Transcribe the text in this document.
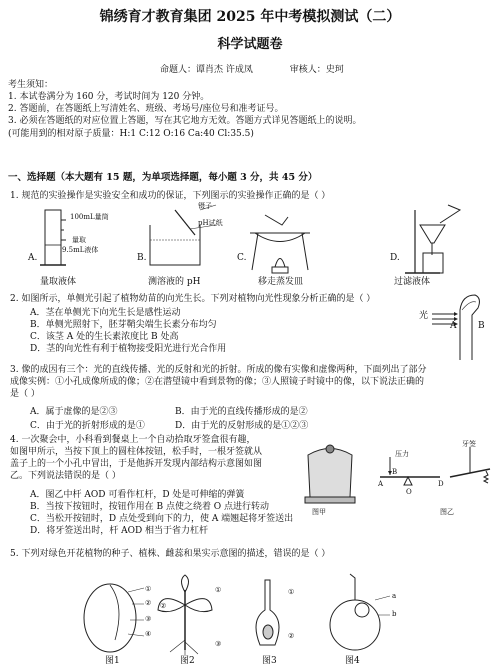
锦绣育才教育集团 2025 年中考模拟测试（二）
科学试题卷
命题人：谭肖杰 许成凤	审核人：史珂
考生须知：
1. 本试卷满分为 160 分，考试时间为 120 分钟。
2. 答题前，在答题纸上写清姓名、班级、考场号/座位号和准考证号。
3. 必须在答题纸的对应位置上答题，写在其它地方无效。答题方式详见答题纸上的说明。
(可能用到的相对原子质量：H:1 C:12 O:16 Ca:40 Cl:35.5)
一、选择题（本大题有 15 题，为单项选择题，每小题 3 分，共 45 分）
1. 规范的实验操作是实验安全和成功的保证，下列图示的实验操作正确的是（ ）
100mL量筒
量取
9.5mL液体
镊子
pH试纸
A.	B.	C.	D.
量取液体	测溶液的 pH	移走蒸发皿	过滤液体
2. 如图所示，单侧光引起了植物幼苗的向光生长。下列对植物向光性现象分析正确的是（ ）
A．茎在单侧光下向光生长是感性运动
B．单侧光照射下，胚芽鞘尖端生长素分布均匀
C．该茎 A 处的生长素浓度比 B 处高
D．茎的向光性有利于植物接受阳光进行光合作用
光
A B
3. 像的成因有三个：光的直线传播、光的反射和光的折射。所成的像有实像和虚像两种，下面列出了部分
成像实例：①小孔成像所成的像；②在潜望镜中看到景物的像；③人照镜子时镜中的像，以下说法正确的
是（ ）
A．属于虚像的是②③	B．由于光的直线传播形成的是②
C．由于光的折射形成的是①	D．由于光的反射形成的是①②③
4. 一次聚会中，小科看到餐桌上一个自动拾取牙签盒很有趣，
如图甲所示，当按下顶上的圆柱体按钮，松手时，一根牙签就从
盖子上的一个小孔中冒出，于是他拆开发现内部结构示意图如图
乙。下列说法错误的是（ ）
A．图乙中杆 AOD 可看作杠杆，D 处是可伸缩的弹簧
B．当按下按钮时，按钮作用在 B 点使之绕着 O 点进行转动
C．当松开按钮时，D 点处受到向下的力，使 A 端翘起将牙签送出
D．将牙签送出时，杆 AOD 相当于省力杠杆
图甲	图乙
压力
牙签
A
B
O
D
5. 下列对绿色开花植物的种子、植株、雌蕊和果实示意图的描述，错误的是（ ）
①
②
③
④
①
②
③
①
②
a
b
图1	图2	图3	图4
